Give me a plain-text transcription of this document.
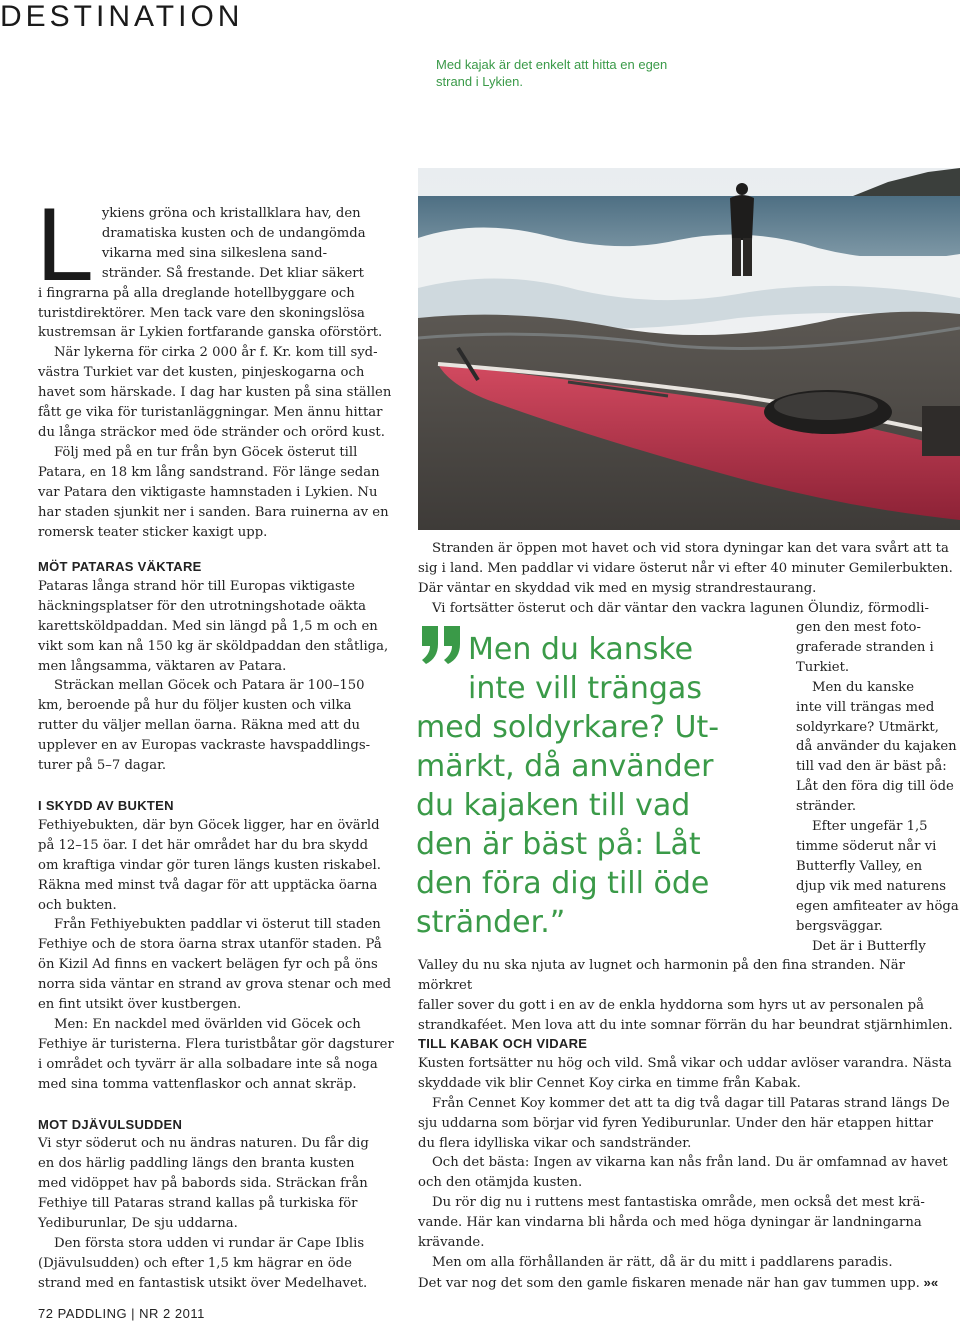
DESTINATION
Med kajak är det enkelt att hitta en egen strand i Lykien.
L ykiens gröna och kristallklara hav, den
dramatiska kusten och de undangömda
vikarna med sina silkeslena sand-
stränder. Så frestande. Det kliar säkert
i fingrarna på alla dreglande hotellbyggare och
turistdirektörer. Men tack vare den skoningslösa
kustremsan är Lykien fortfarande ganska oförstört.
När lykerna för cirka 2 000 år f. Kr. kom till syd-
västra Turkiet var det kusten, pinjeskogarna och
havet som härskade. I dag har kusten på sina ställen
fått ge vika för turistanläggningar. Men ännu hittar
du långa sträckor med öde stränder och orörd kust.
Följ med på en tur från byn Göcek österut till
Patara, en 18 km lång sandstrand. För länge sedan
var Patara den viktigaste hamnstaden i Lykien. Nu
har staden sjunkit ner i sanden. Bara ruinerna av en
romersk teater sticker kaxigt upp.
MÖT PATARAS VÄKTARE
Pataras långa strand hör till Europas viktigaste
häckningsplatser för den utrotningshotade oäkta
karettsköldpaddan. Med sin längd på 1,5 m och en
vikt som kan nå 150 kg är sköldpaddan den ståtliga,
men långsamma, väktaren av Patara.
Sträckan mellan Göcek och Patara är 100–150
km, beroende på hur du följer kusten och vilka
rutter du väljer mellan öarna. Räkna med att du
upplever en av Europas vackraste havspaddlings-
turer på 5–7 dagar.
I SKYDD AV BUKTEN
Fethiyebukten, där byn Göcek ligger, har en övärld
på 12–15 öar. I det här området har du bra skydd
om kraftiga vindar gör turen längs kusten riskabel.
Räkna med minst två dagar för att upptäcka öarna
och bukten.
Från Fethiyebukten paddlar vi österut till staden
Fethiye och de stora öarna strax utanför staden. På
ön Kizil Ad finns en vackert belägen fyr och på öns
norra sida väntar en strand av grova stenar och med
en fint utsikt över kustbergen.
Men: En nackdel med övärlden vid Göcek och
Fethiye är turisterna. Flera turistbåtar gör dagsturer
i området och tyvärr är alla solbadare inte så noga
med sina tomma vattenflaskor och annat skräp.
MOT DJÄVULSUDDEN
Vi styr söderut och nu ändras naturen. Du får dig
en dos härlig paddling längs den branta kusten
med vidöppet hav på babords sida. Sträckan från
Fethiye till Pataras strand kallas på turkiska för
Yediburunlar, De sju uddarna.
Den första stora udden vi rundar är Cape Iblis
(Djävulsudden) och efter 1,5 km hägrar en öde
strand med en fantastisk utsikt över Medelhavet.
Stranden är öppen mot havet och vid stora dyningar kan det vara svårt att ta
sig i land. Men paddlar vi vidare österut når vi efter 40 minuter Gemilerbukten.
Där väntar en skyddad vik med en mysig strandrestaurang.
Vi fortsätter österut och där väntar den vackra lagunen Ölundiz, förmodli-
Men du kanske
inte vill trängas
med soldyrkare? Ut-
märkt, då använder
du kajaken till vad
den är bäst på: Låt
den föra dig till öde
stränder.”
gen den mest foto-
graferade stranden i
Turkiet.
Men du kanske
inte vill trängas med
soldyrkare? Utmärkt,
då använder du kajaken
till vad den är bäst på:
Låt den föra dig till öde
stränder.
Efter ungefär 1,5
timme söderut når vi
Butterfly Valley, en
djup vik med naturens
egen amfiteater av höga
bergsväggar.
Det är i Butterfly
Valley du nu ska njuta av lugnet och harmonin på den fina stranden. När mörkret
faller sover du gott i en av de enkla hyddorna som hyrs ut av personalen på
strandkaféet. Men lova att du inte somnar förrän du har beundrat stjärnhimlen.
TILL KABAK OCH VIDARE
Kusten fortsätter nu hög och vild. Små vikar och uddar avlöser varandra. Nästa
skyddade vik blir Cennet Koy cirka en timme från Kabak.
Från Cennet Koy kommer det att ta dig två dagar till Pataras strand längs De
sju uddarna som börjar vid fyren Yediburunlar. Under den här etappen hittar
du flera idylliska vikar och sandstränder.
Och det bästa: Ingen av vikarna kan nås från land. Du är omfamnad av havet
och den otämjda kusten.
Du rör dig nu i ruttens mest fantastiska område, men också det mest krä-
vande. Här kan vindarna bli hårda och med höga dyningar är landningarna
krävande.
Men om alla förhållanden är rätt, då är du mitt i paddlarens paradis.
Det var nog det som den gamle fiskaren menade när han gav tummen upp. »«
72 PADDLING | NR 2 2011
